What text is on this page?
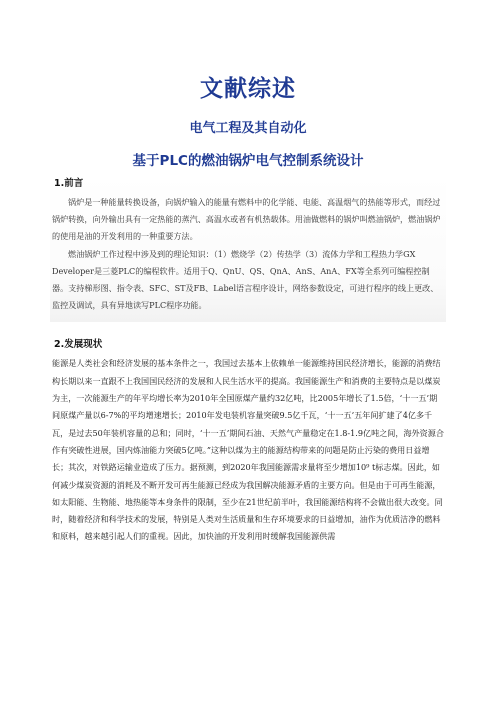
文献综述
电气工程及其自动化
基于PLC的燃油锅炉电气控制系统设计
1.前言

锅炉是一种能量转换设备，向锅炉输入的能量有燃料中的化学能、电能、高温烟气的热能等形式，而经过锅炉转换，向外输出具有一定热能的蒸汽、高温水或者有机热载体。用油做燃料的锅炉叫燃油锅炉，燃油锅炉的使用是油的开发利用的一种重要方法。

燃油锅炉工作过程中涉及到的理论知识：（1）燃烧学（2）传热学（3）流体力学和工程热力学GX Developer是三菱PLC的编程软件。适用于Q、QnU、QS、QnA、AnS、AnA、FX等全系列可编程控制器。支持梯形图、指令表、SFC、ST及FB、Label语言程序设计，网络参数设定，可进行程序的线上更改、监控及调试，具有异地读写PLC程序功能。

2.发展现状

能源是人类社会和经济发展的基本条件之一，我国过去基本上依赖单一能源维持国民经济增长，能源的消费结构长期以来一直跟不上我国国民经济的发展和人民生活水平的提高。我国能源生产和消费的主要特点是以煤炭为主，一次能源生产的年平均增长率为2010年全国原煤产量约32亿吨，比2005年增长了1.5倍，‘十一五’期间原煤产量以6-7%的平均增速增长；2010年发电装机容量突破9.5亿千瓦，‘十一五’五年间扩建了4亿多千瓦，是过去50年装机容量的总和；同时，‘十一五’期间石油、天然气产量稳定在1.8-1.9亿吨之间，海外资源合作有突破性进展，国内炼油能力突破5亿吨。”这种以煤为主的能源结构带来的问题是防止污染的费用日益增长；其次，对铁路运输业造成了压力。据预测，到2020年我国能源需求量将至少增加10⁹ t标志煤。因此，如何减少煤炭资源的消耗及不断开发可再生能源已经成为我国解决能源矛盾的主要方向。但是由于可再生能源，如太阳能、生物能、地热能等本身条件的限制，至少在21世纪前半叶，我国能源结构将不会做出很大改变。同时，随着经济和科学技术的发展，特别是人类对生活质量和生存环境要求的日益增加，油作为优质洁净的燃料和原料，越来越引起人们的重视。因此，加快油的开发利用时缓解我国能源供需
